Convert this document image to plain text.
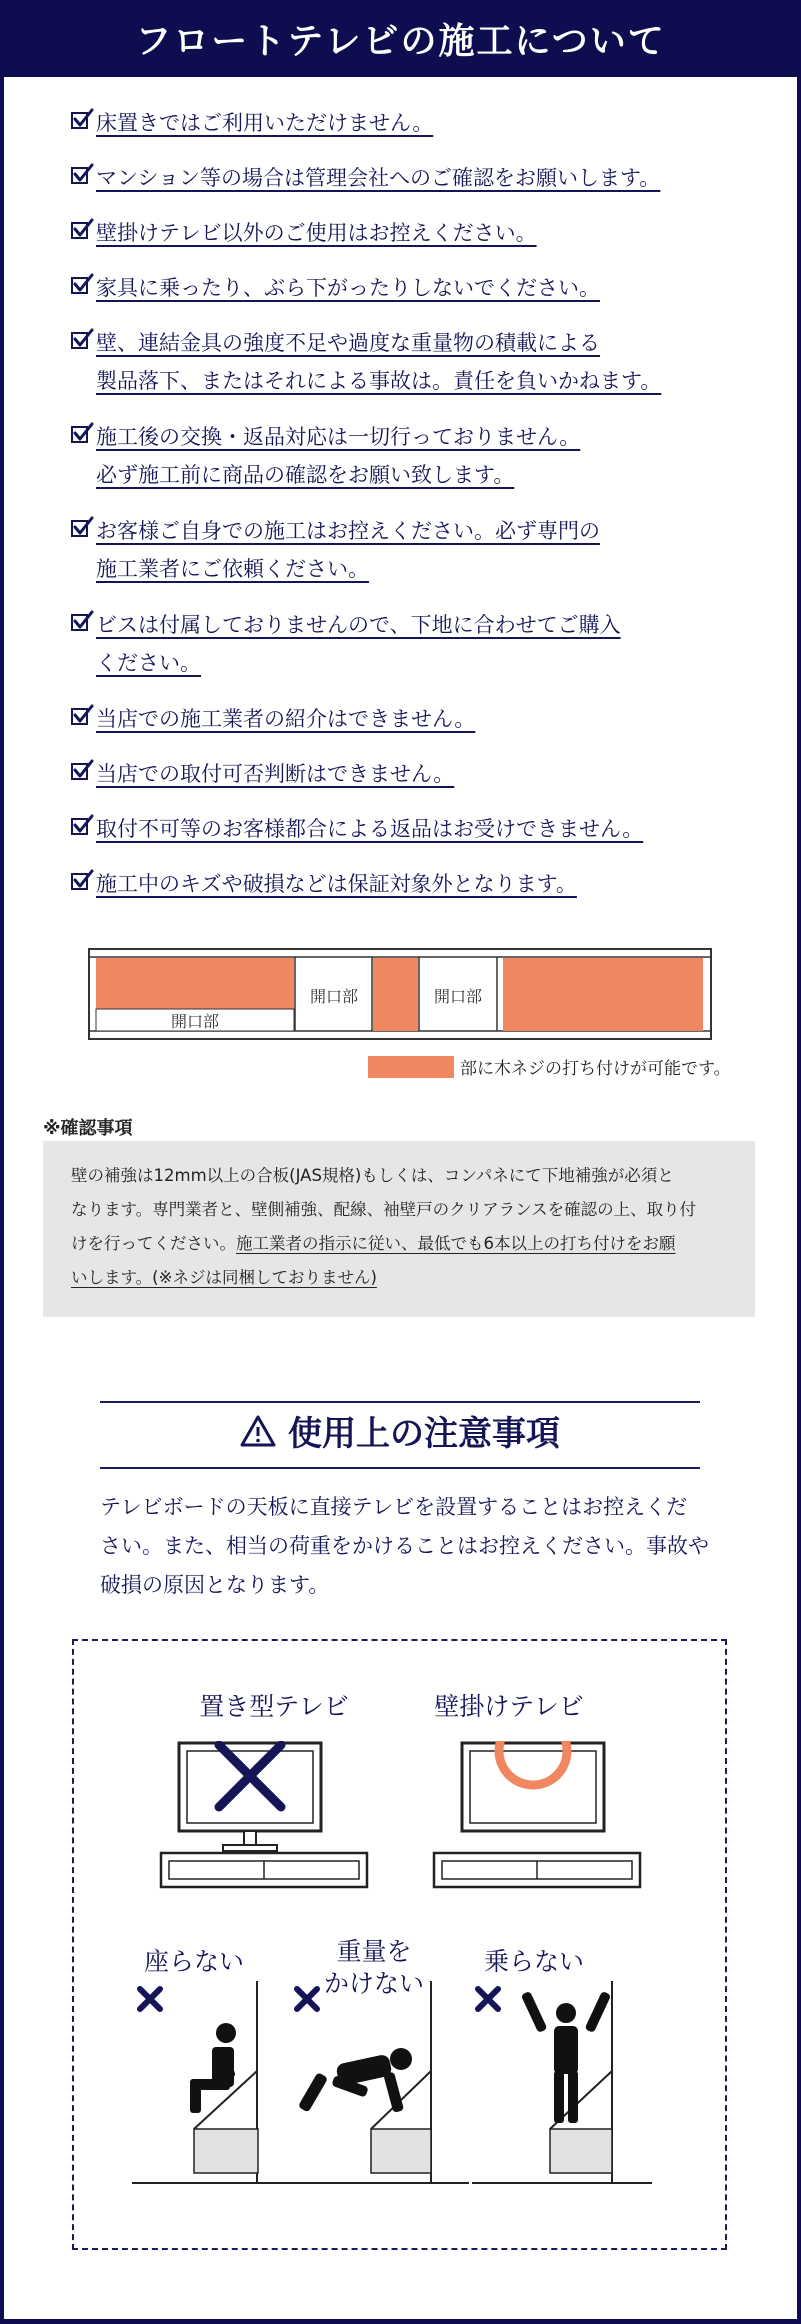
フロートテレビの施工について
床置きではご利用いただけません。
マンション等の場合は管理会社へのご確認をお願いします。
壁掛けテレビ以外のご使用はお控えください。
家具に乗ったり、ぶら下がったりしないでください。
壁、連結金具の強度不足や過度な重量物の積載による
製品落下、またはそれによる事故は。責任を負いかねます。
施工後の交換・返品対応は一切行っておりません。
必ず施工前に商品の確認をお願い致します。
お客様ご自身での施工はお控えください。必ず専門の
施工業者にご依頼ください。
ビスは付属しておりませんので、下地に合わせてご購入
ください。
当店での施工業者の紹介はできません。
当店での取付可否判断はできません。
取付不可等のお客様都合による返品はお受けできません。
施工中のキズや破損などは保証対象外となります。
開口部
開口部	開口部
部に木ネジの打ち付けが可能です。
※確認事項
壁の補強は12mm以上の合板(JAS規格)もしくは、コンパネにて下地補強が必須と
なります。専門業者と、壁側補強、配線、袖壁戸のクリアランスを確認の上、取り付
けを行ってください。施工業者の指示に従い、最低でも6本以上の打ち付けをお願
いします。(※ネジは同梱しておりません)
使用上の注意事項
テレビボードの天板に直接テレビを設置することはお控えくだ
さい。また、相当の荷重をかけることはお控えください。事故や
破損の原因となります。
置き型テレビ	壁掛けテレビ
座らない	重量を
かけない
乗らない
